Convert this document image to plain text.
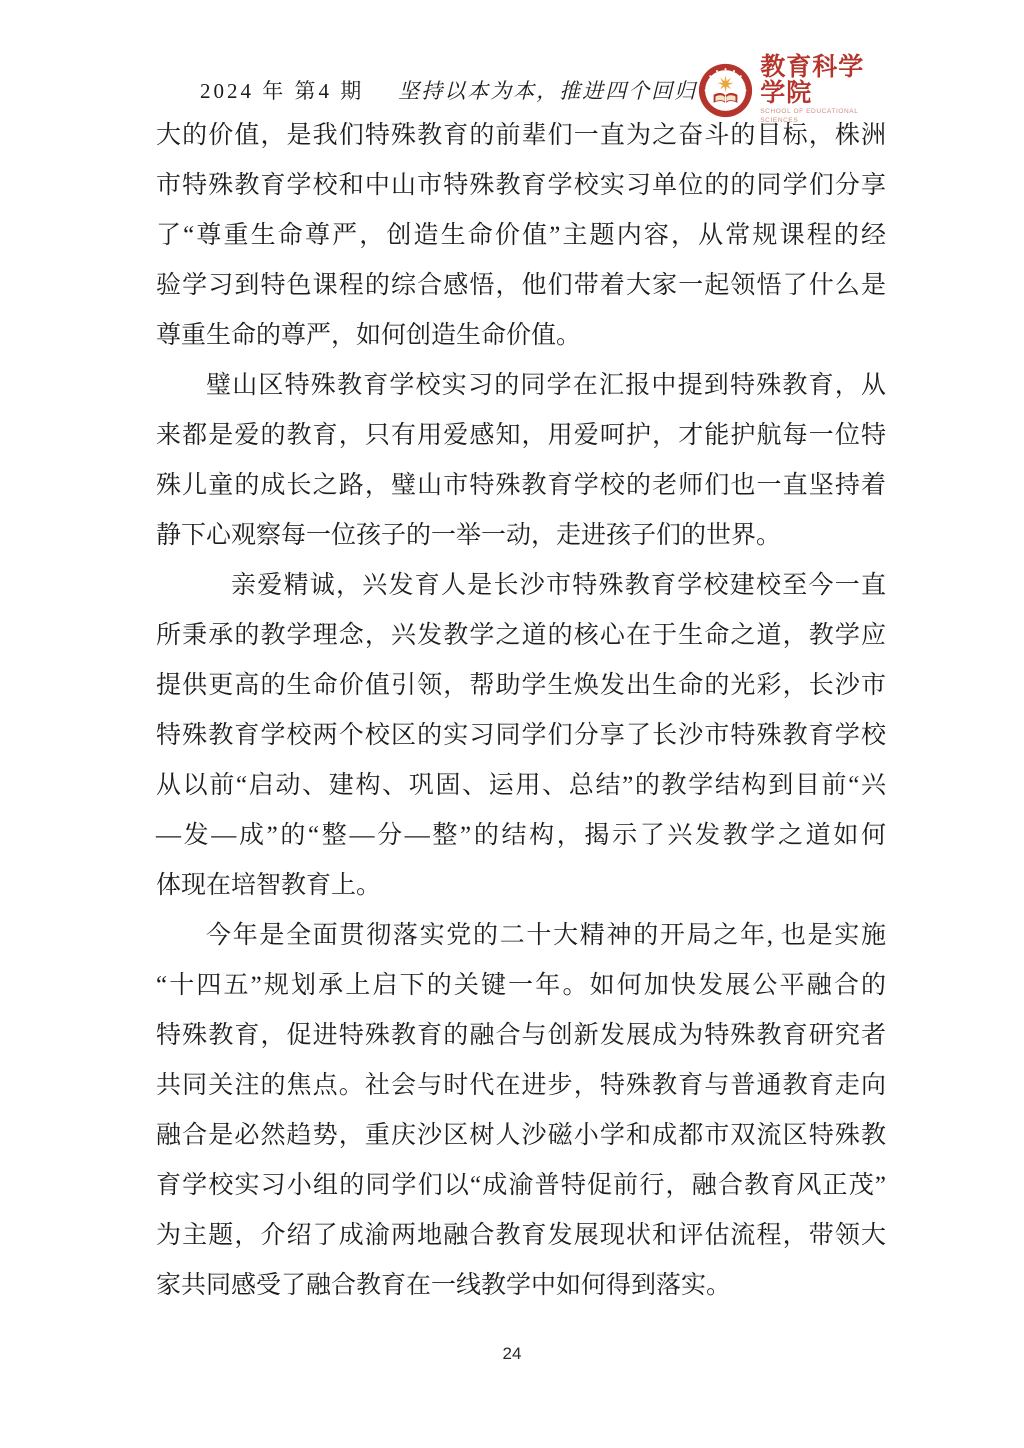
2024 年 第4 期 坚持以本为本，推进四个回归
教育科学学院
SCHOOL OF EDUCATIONAL SCIENCES
大的价值，是我们特殊教育的前辈们一直为之奋斗的目标，株洲
市特殊教育学校和中山市特殊教育学校实习单位的的同学们分享
了“尊重生命尊严，创造生命价值”主题内容，从常规课程的经
验学习到特色课程的综合感悟，他们带着大家一起领悟了什么是
尊重生命的尊严，如何创造生命价值。
璧山区特殊教育学校实习的同学在汇报中提到特殊教育，从
来都是爱的教育，只有用爱感知，用爱呵护，才能护航每一位特
殊儿童的成长之路，璧山市特殊教育学校的老师们也一直坚持着
静下心观察每一位孩子的一举一动，走进孩子们的世界。
亲爱精诚，兴发育人是长沙市特殊教育学校建校至今一直
所秉承的教学理念，兴发教学之道的核心在于生命之道，教学应
提供更高的生命价值引领，帮助学生焕发出生命的光彩，长沙市
特殊教育学校两个校区的实习同学们分享了长沙市特殊教育学校
从以前“启动、建构、巩固、运用、总结”的教学结构到目前“兴
—发—成”的“整—分—整”的结构，揭示了兴发教学之道如何
体现在培智教育上。
今年是全面贯彻落实党的二十大精神的开局之年, 也是实施
“十四五”规划承上启下的关键一年。如何加快发展公平融合的
特殊教育，促进特殊教育的融合与创新发展成为特殊教育研究者
共同关注的焦点。社会与时代在进步，特殊教育与普通教育走向
融合是必然趋势，重庆沙区树人沙磁小学和成都市双流区特殊教
育学校实习小组的同学们以“成渝普特促前行，融合教育风正茂”
为主题，介绍了成渝两地融合教育发展现状和评估流程，带领大
家共同感受了融合教育在一线教学中如何得到落实。
24
